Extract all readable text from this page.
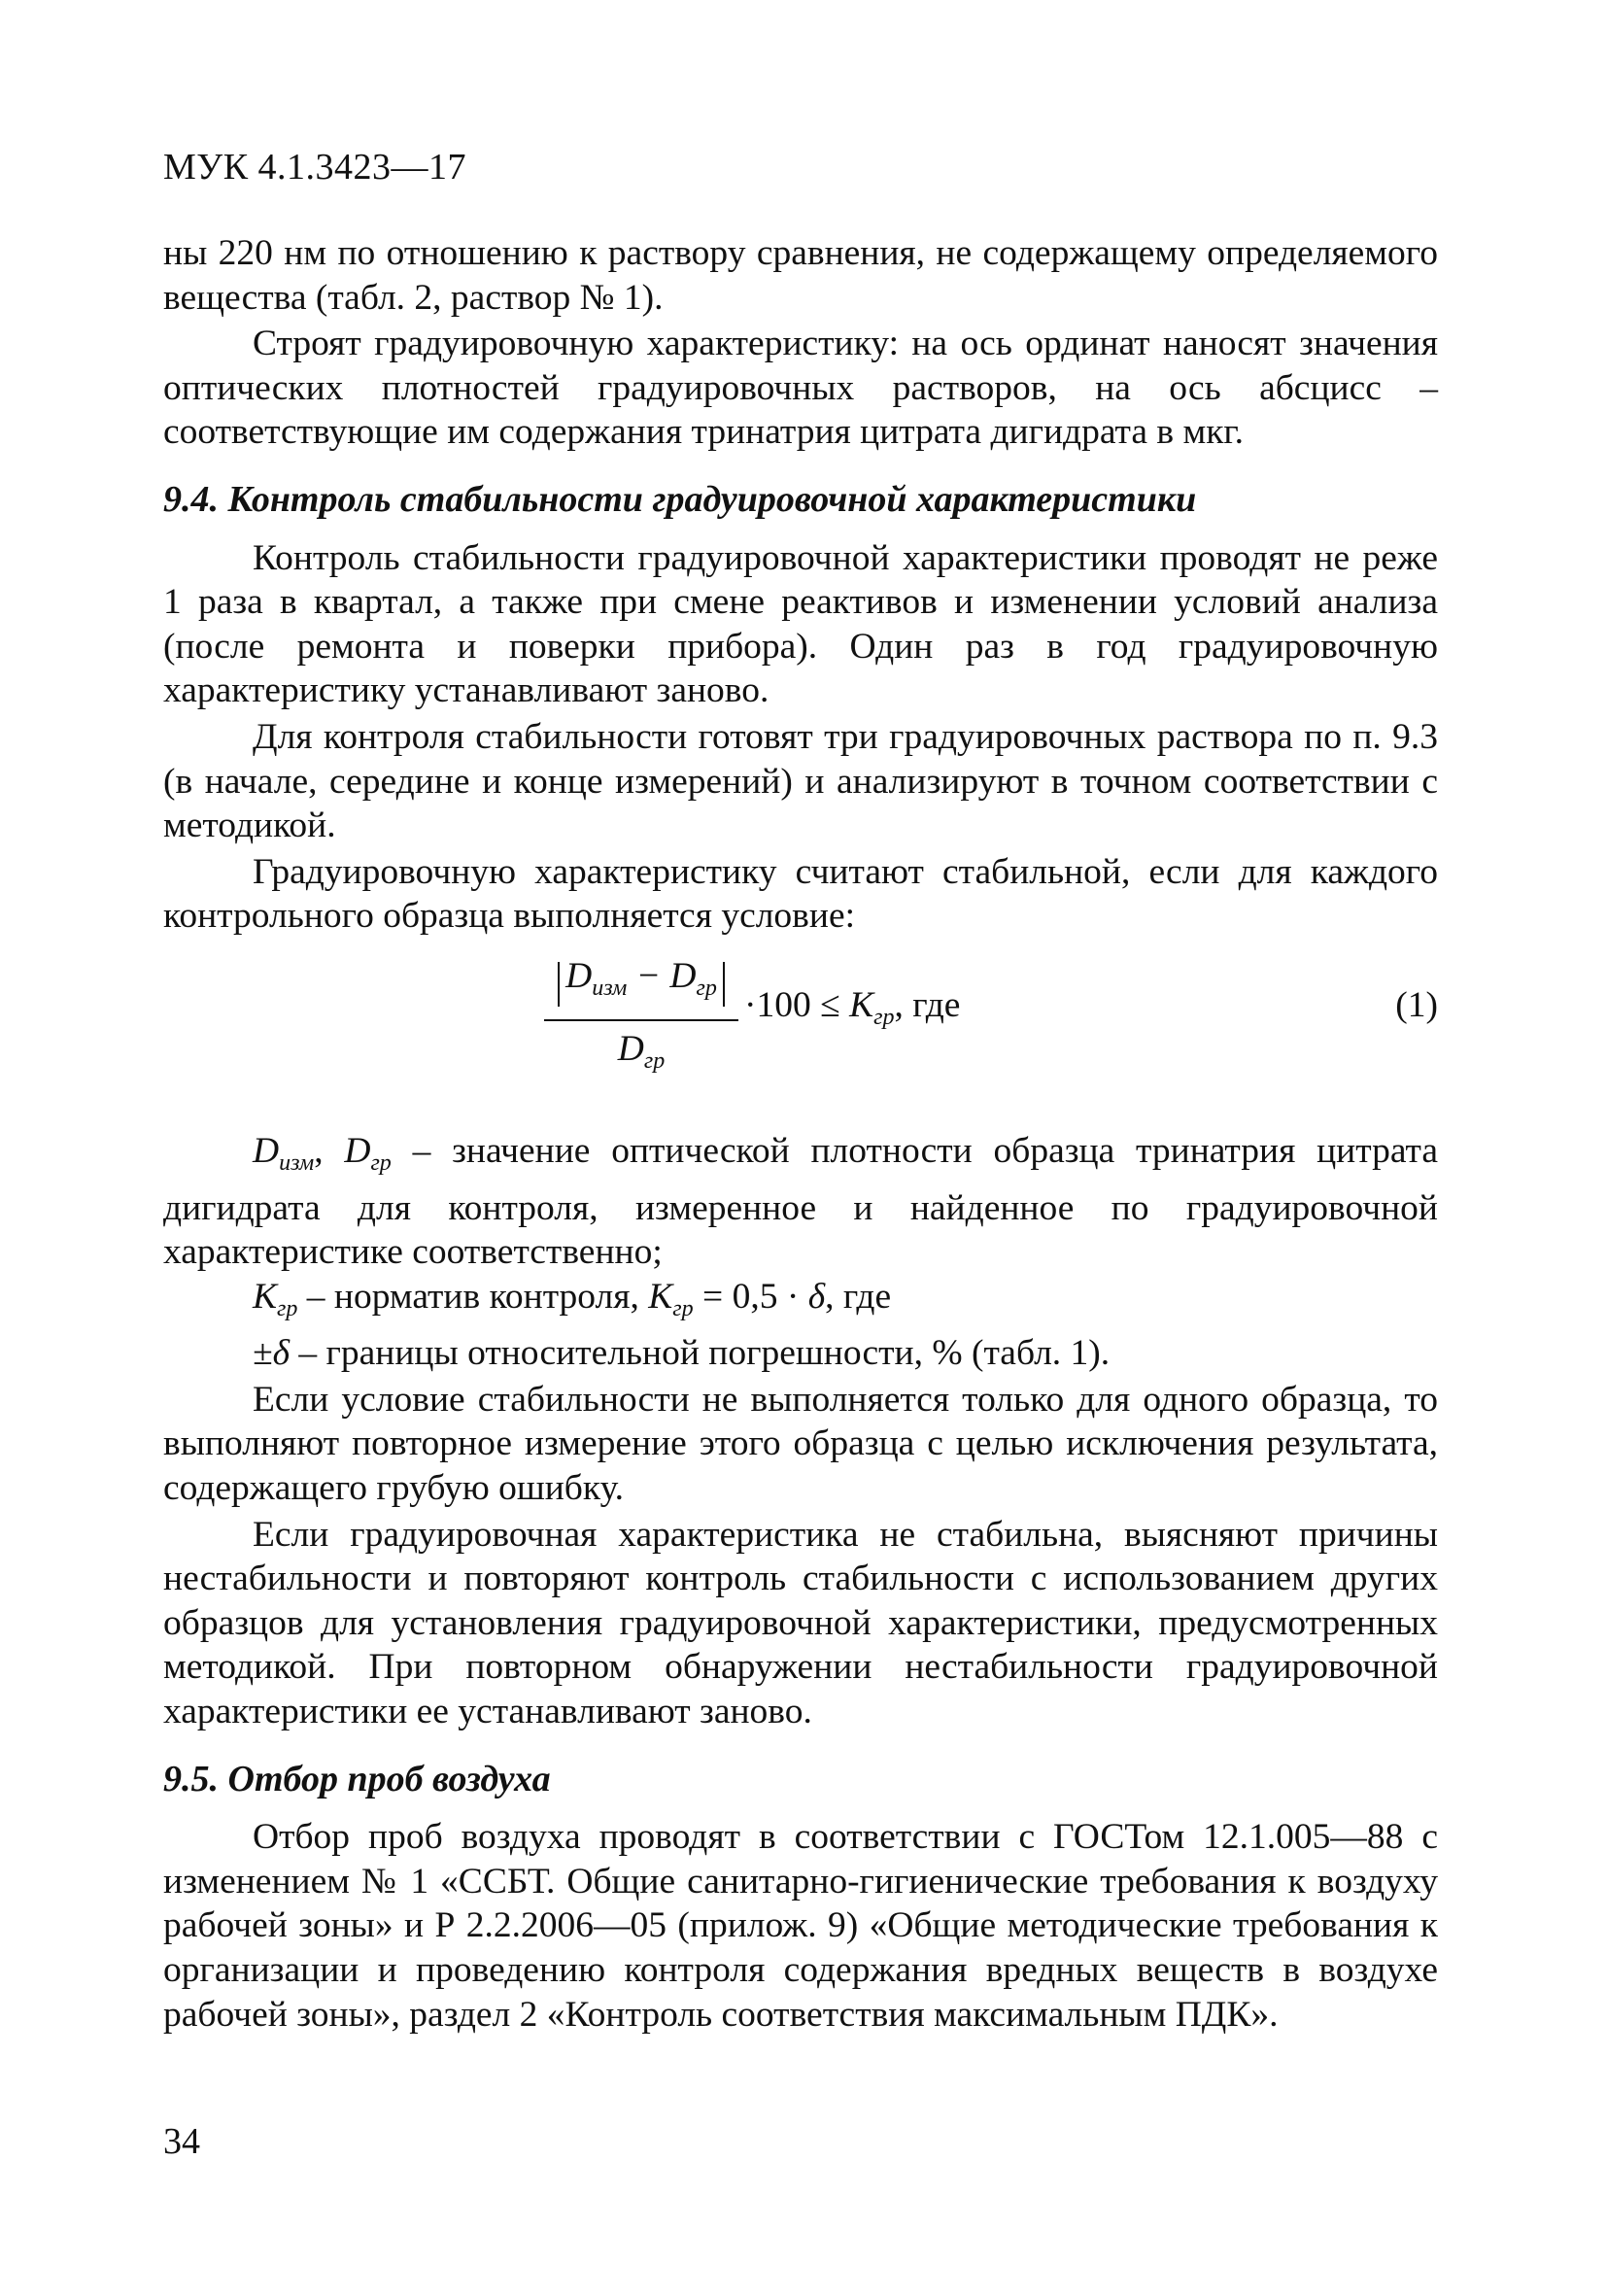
МУК 4.1.3423—17

ны 220 нм по отношению к раствору сравнения, не содержащему определяемого вещества (табл. 2, раствор № 1).

Строят градуировочную характеристику: на ось ординат наносят значения оптических плотностей градуировочных растворов, на ось абсцисс – соответствующие им содержания тринатрия цитрата дигидрата в мкг.

9.4. Контроль стабильности градуировочной характеристики

Контроль стабильности градуировочной характеристики проводят не реже 1 раза в квартал, а также при смене реактивов и изменении условий анализа (после ремонта и поверки прибора). Один раз в год градуировочную характеристику устанавливают заново.

Для контроля стабильности готовят три градуировочных раствора по п. 9.3 (в начале, середине и конце измерений) и анализируют в точном соответствии с методикой.

Градуировочную характеристику считают стабильной, если для каждого контрольного образца выполняется условие:

$D_{изм} - D_{гр}$
$D_{гр}$
$\cdot 100 \le K_{гр}$, где	(1)

$D_{изм}$, $D_{гр}$ – значение оптической плотности образца тринатрия цитрата дигидрата для контроля, измеренное и найденное по градуировочной характеристике соответственно;

$K_{гр}$ – норматив контроля, $K_{гр} = 0,5 \cdot \delta$, где

±δ – границы относительной погрешности, % (табл. 1).

Если условие стабильности не выполняется только для одного образца, то выполняют повторное измерение этого образца с целью исключения результата, содержащего грубую ошибку.

Если градуировочная характеристика не стабильна, выясняют причины нестабильности и повторяют контроль стабильности с использованием других образцов для установления градуировочной характеристики, предусмотренных методикой. При повторном обнаружении нестабильности градуировочной характеристики ее устанавливают заново.

9.5. Отбор проб воздуха

Отбор проб воздуха проводят в соответствии с ГОСТом 12.1.005—88 с изменением № 1 «ССБТ. Общие санитарно-гигиенические требования к воздуху рабочей зоны» и Р 2.2.2006—05 (прилож. 9) «Общие методические требования к организации и проведению контроля содержания вредных веществ в воздухе рабочей зоны», раздел 2 «Контроль соответствия максимальным ПДК».

34
